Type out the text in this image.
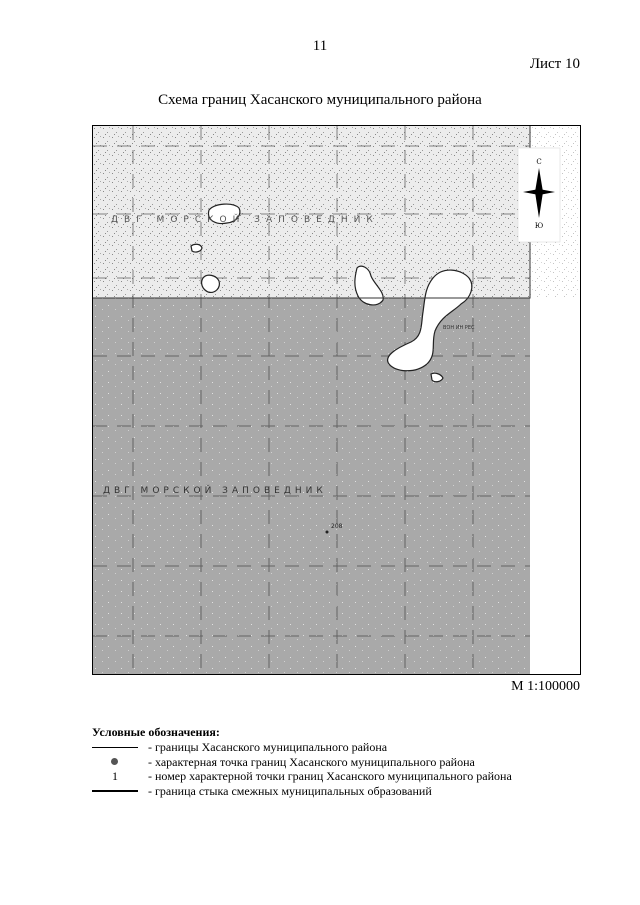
11
Лист 10
Схема границ Хасанского муниципального района
ДВГ МОРСКОЙ ЗАПОВЕДНИК
ДВГ МОРСКОЙ ЗАПОВЕДНИК
ВОН ИН РЕС
208
С
Ю
М 1:100000
Условные обозначения:
- границы Хасанского муниципального района
- характерная точка границ Хасанского муниципального района
1	- номер характерной точки границ Хасанского муниципального района
- граница стыка смежных муниципальных образований
